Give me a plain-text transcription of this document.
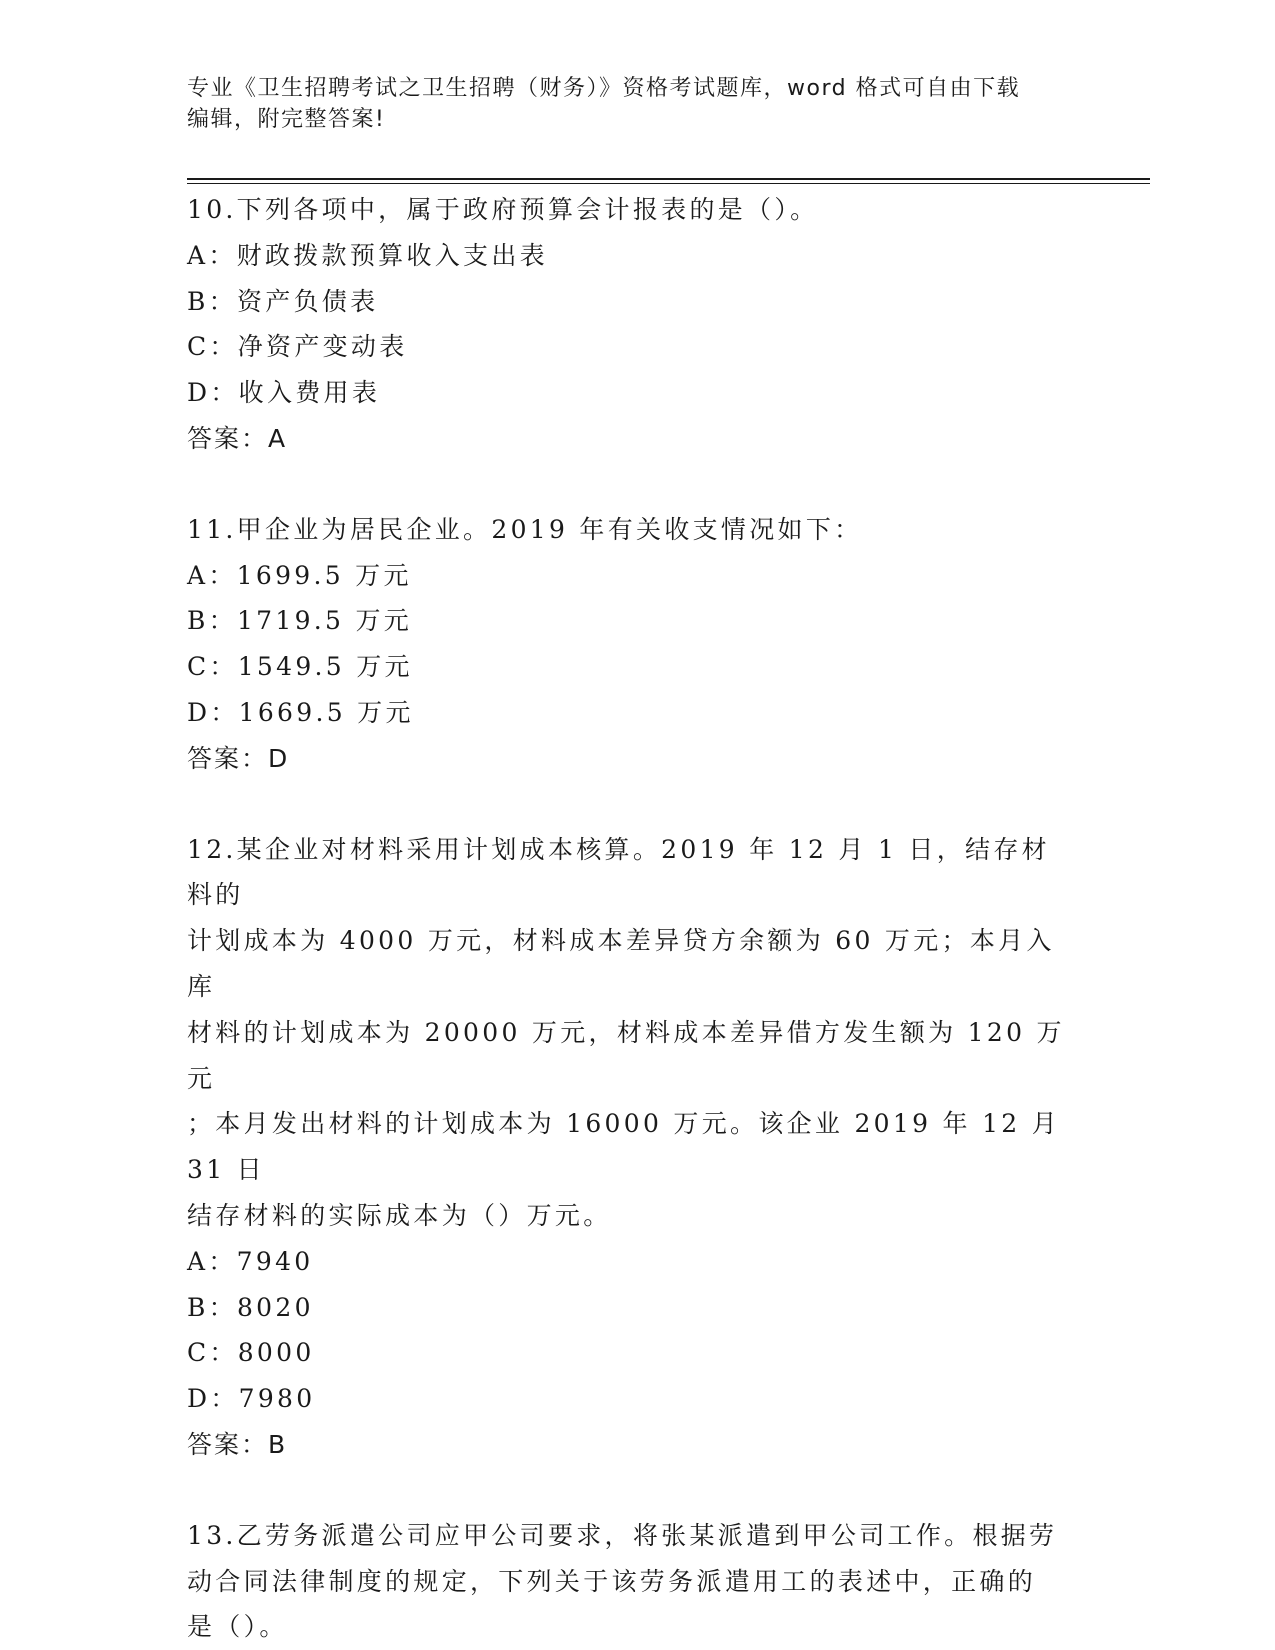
专业《卫生招聘考试之卫生招聘（财务）》资格考试题库，word 格式可自由下载
编辑，附完整答案!
10.下列各项中，属于政府预算会计报表的是（）。
A：财政拨款预算收入支出表
B：资产负债表
C：净资产变动表
D：收入费用表
答案：A
11.甲企业为居民企业。2019 年有关收支情况如下：
A：1699.5 万元
B：1719.5 万元
C：1549.5 万元
D：1669.5 万元
答案：D
12.某企业对材料采用计划成本核算。2019 年 12 月 1 日，结存材料的
计划成本为 4000 万元，材料成本差异贷方余额为 60 万元；本月入库
材料的计划成本为 20000 万元，材料成本差异借方发生额为 120 万元
；本月发出材料的计划成本为 16000 万元。该企业 2019 年 12 月 31 日
结存材料的实际成本为（）万元。
A：7940
B：8020
C：8000
D：7980
答案：B
13.乙劳务派遣公司应甲公司要求，将张某派遣到甲公司工作。根据劳
动合同法律制度的规定，下列关于该劳务派遣用工的表述中，正确的
是（）。
